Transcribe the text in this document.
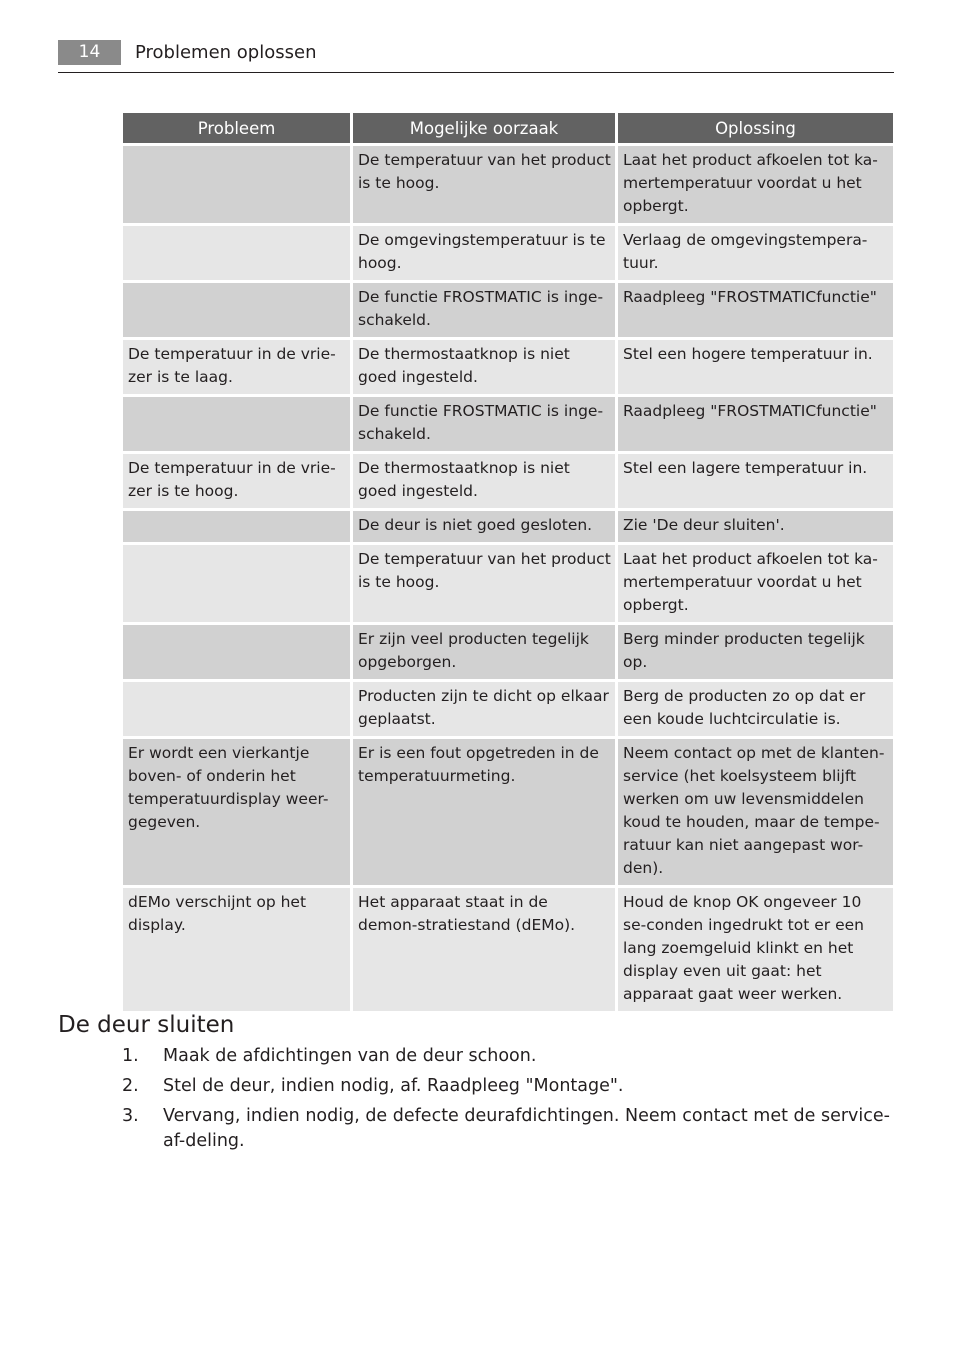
14	Problemen oplossen
Probleem	Mogelijke oorzaak	Oplossing
	De temperatuur van het product is te hoog.	Laat het product afkoelen tot ka-mertemperatuur voordat u het opbergt.
	De omgevingstemperatuur is te hoog.	Verlaag de omgevingstempera-tuur.
	De functie FROSTMATIC is inge-schakeld.	Raadpleeg "FROSTMATICfunctie"
De temperatuur in de vrie-zer is te laag.	De thermostaatknop is niet goed ingesteld.	Stel een hogere temperatuur in.
	De functie FROSTMATIC is inge-schakeld.	Raadpleeg "FROSTMATICfunctie"
De temperatuur in de vrie-zer is te hoog.	De thermostaatknop is niet goed ingesteld.	Stel een lagere temperatuur in.
	De deur is niet goed gesloten.	Zie 'De deur sluiten'.
	De temperatuur van het product is te hoog.	Laat het product afkoelen tot ka-mertemperatuur voordat u het opbergt.
	Er zijn veel producten tegelijk opgeborgen.	Berg minder producten tegelijk op.
	Producten zijn te dicht op elkaar geplaatst.	Berg de producten zo op dat er een koude luchtcirculatie is.
Er wordt een vierkantje boven- of onderin het temperatuurdisplay weer-gegeven.	Er is een fout opgetreden in de temperatuurmeting.	Neem contact op met de klanten-service (het koelsysteem blijft werken om uw levensmiddelen koud te houden, maar de tempe-ratuur kan niet aangepast wor-den).
dEMo verschijnt op het display.	Het apparaat staat in de demon-stratiestand (dEMo).	Houd de knop OK ongeveer 10 se-conden ingedrukt tot er een lang zoemgeluid klinkt en het display even uit gaat: het apparaat gaat weer werken.
De deur sluiten
1. Maak de afdichtingen van de deur schoon.
2. Stel de deur, indien nodig, af. Raadpleeg "Montage".
3. Vervang, indien nodig, de defecte deurafdichtingen. Neem contact met de service-af-deling.
